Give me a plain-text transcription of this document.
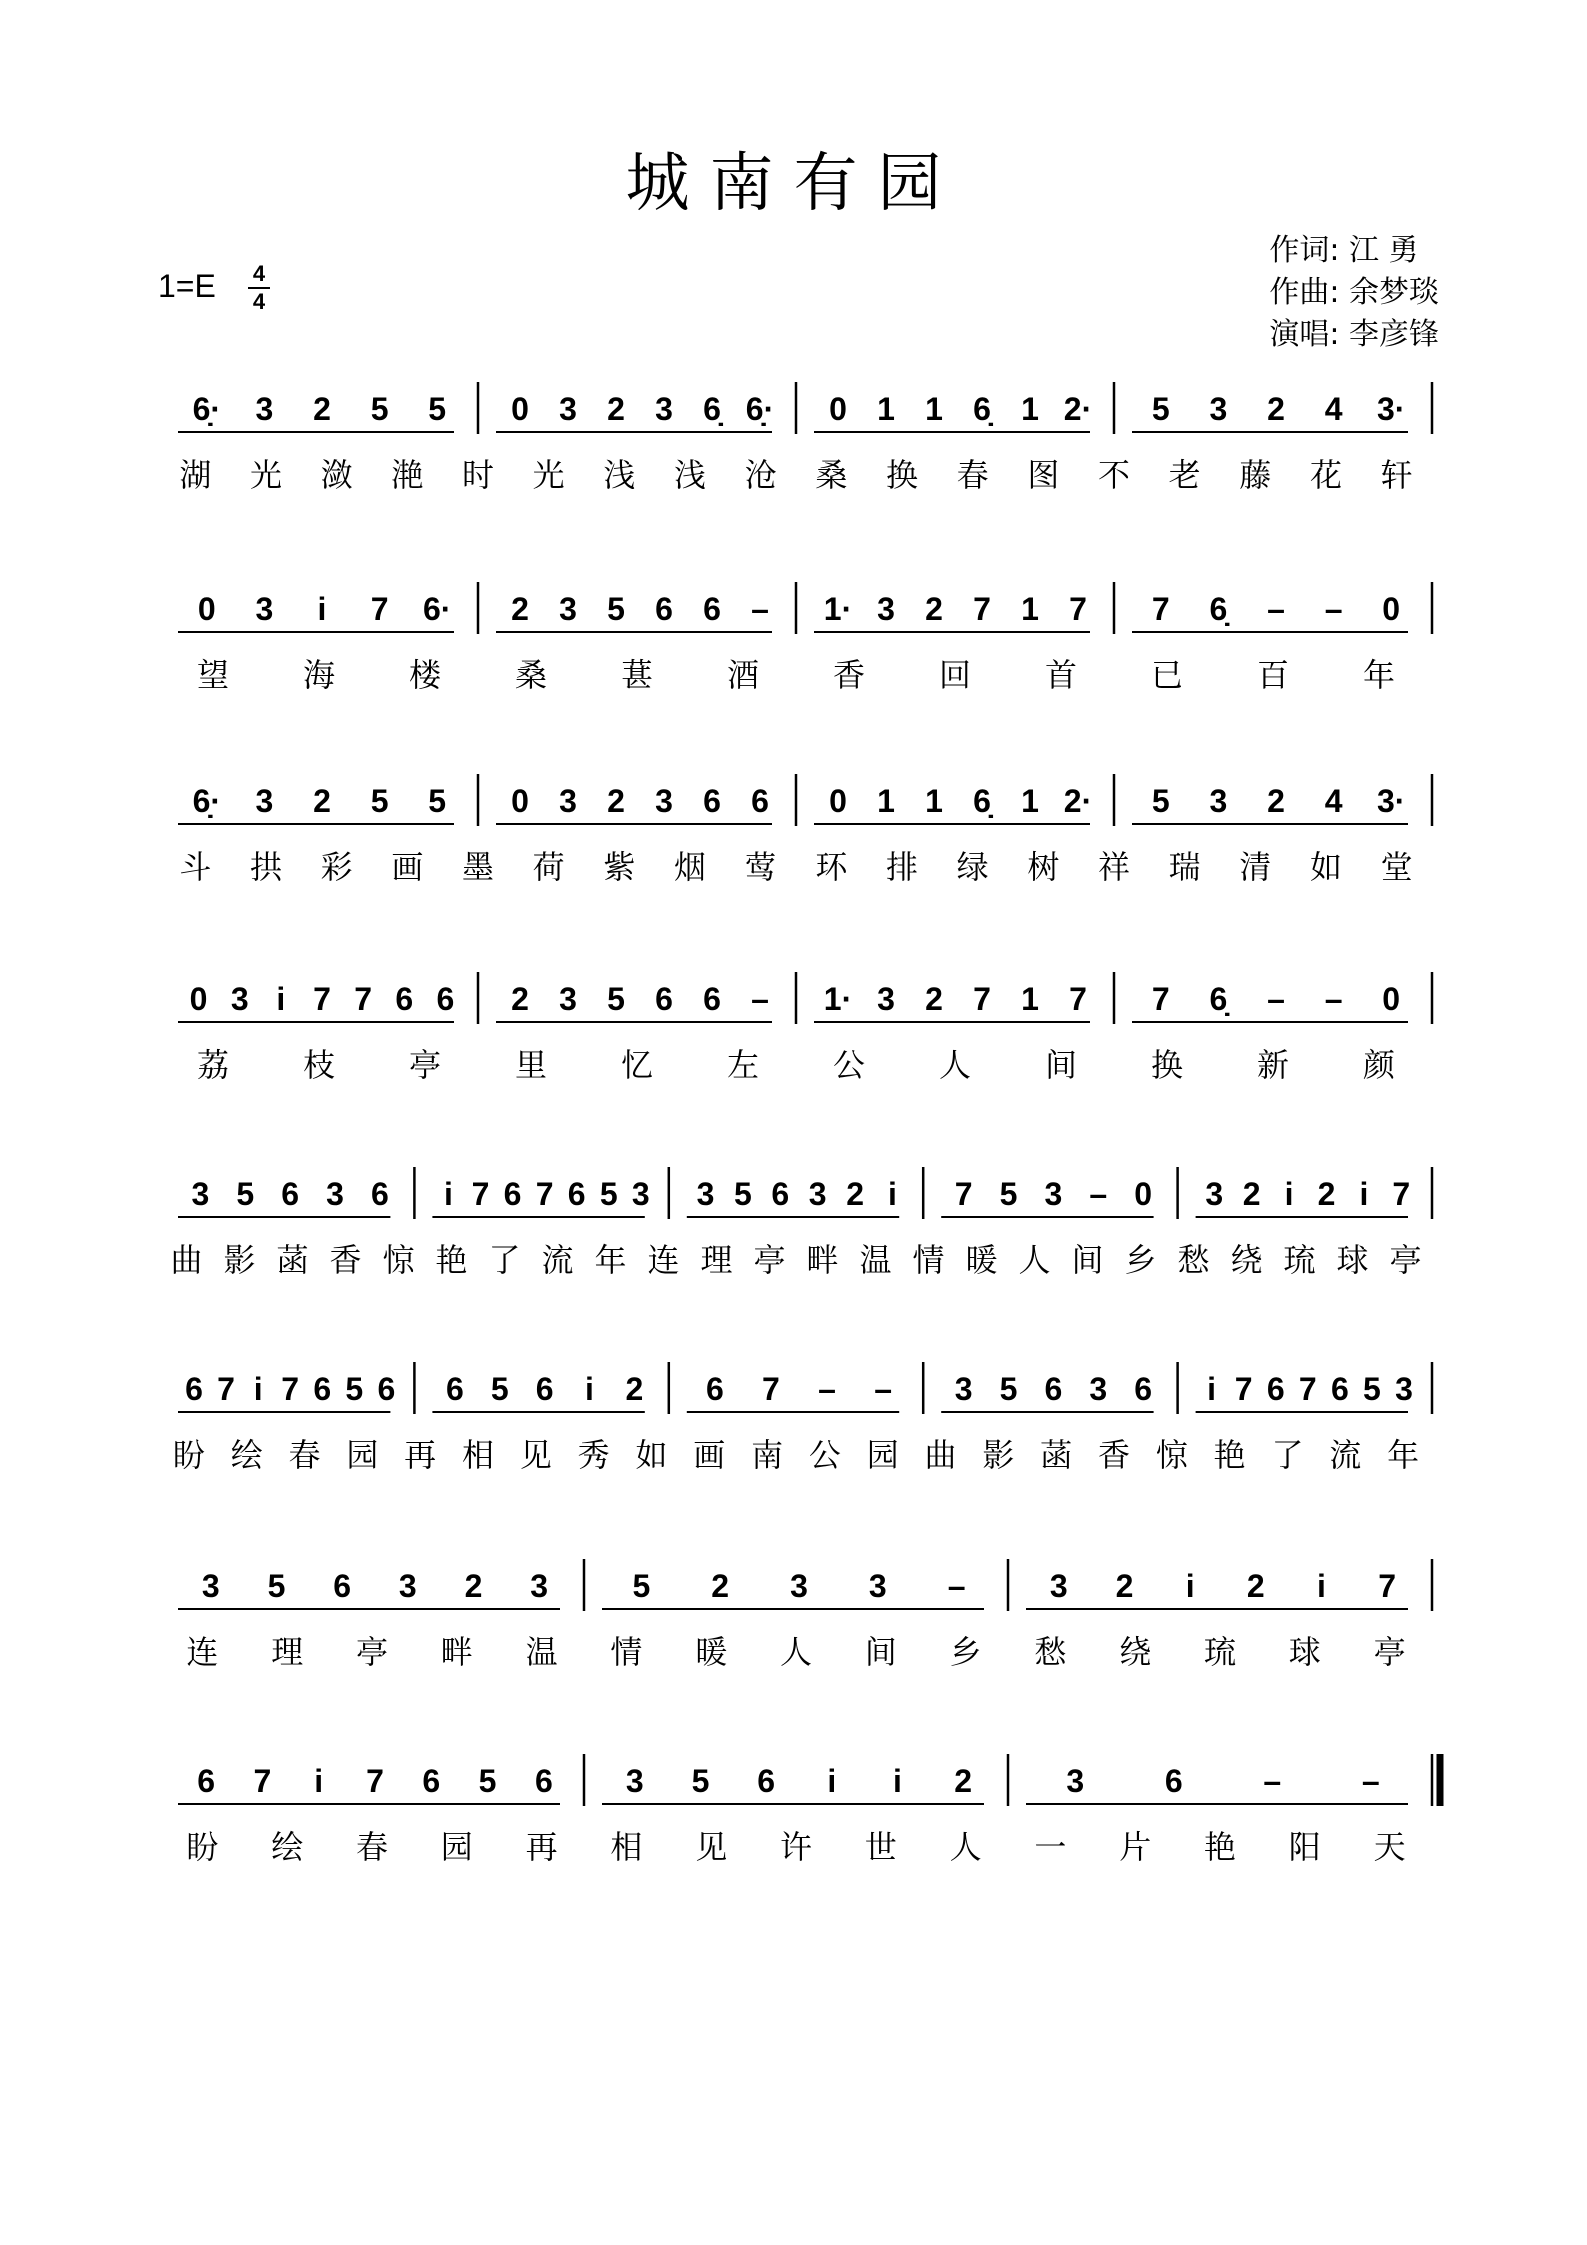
城南有园
1=E 4
4
作词: 江 勇
作曲: 余梦琰
演唱: 李彦锋
6̣· 3 2 5 5 0 3 2 3 6̣ 6̣· 0 1 1 6̣ 1 2· 5 3 2 4 3·
湖 光 潋 滟 时 光 浅 浅 沧 桑 换 春 图 不 老 藤 花 轩
0 3 i 7 6· 2 3 5 6 6 – 1· 3 2 7 1 7 7 6̣ – – 0
望 海 楼 桑 葚 酒 香 回 首 已 百 年
6̣· 3 2 5 5 0 3 2 3 6 6 0 1 1 6̣ 1 2· 5 3 2 4 3·
斗 拱 彩 画 墨 荷 紫 烟 莺 环 排 绿 树 祥 瑞 清 如 堂
0 3 i 7 7 6 6 2 3 5 6 6 – 1· 3 2 7 1 7 7 6̣ – – 0
荔 枝 亭 里 忆 左 公 人 间 换 新 颜
3 5 6 3 6 i 7 6 7 6 5 3 3 5 6 3 2 i 7 5 3 – 0 3 2 i 2 i 7
曲 影 菡 香 惊 艳 了 流 年 连 理 亭 畔 温 情 暖 人 间 乡 愁 绕 琉 球 亭
6 7 i 7 6 5 6 6 5 6 i 2 6 7 – – 3 5 6 3 6 i 7 6 7 6 5 3
盼 绘 春 园 再 相 见 秀 如 画 南 公 园 曲 影 菡 香 惊 艳 了 流 年
3 5 6 3 2 3	5 2 3 3 –	3 2 i 2 i 7
连 理 亭 畔 温 情 暖 人 间 乡 愁 绕 琉 球 亭
6 7 i 7 6 5 6 3 5 6 i i 2	3	6	–	–
盼 绘 春 园 再 相 见 许 世 人 一 片 艳 阳 天
